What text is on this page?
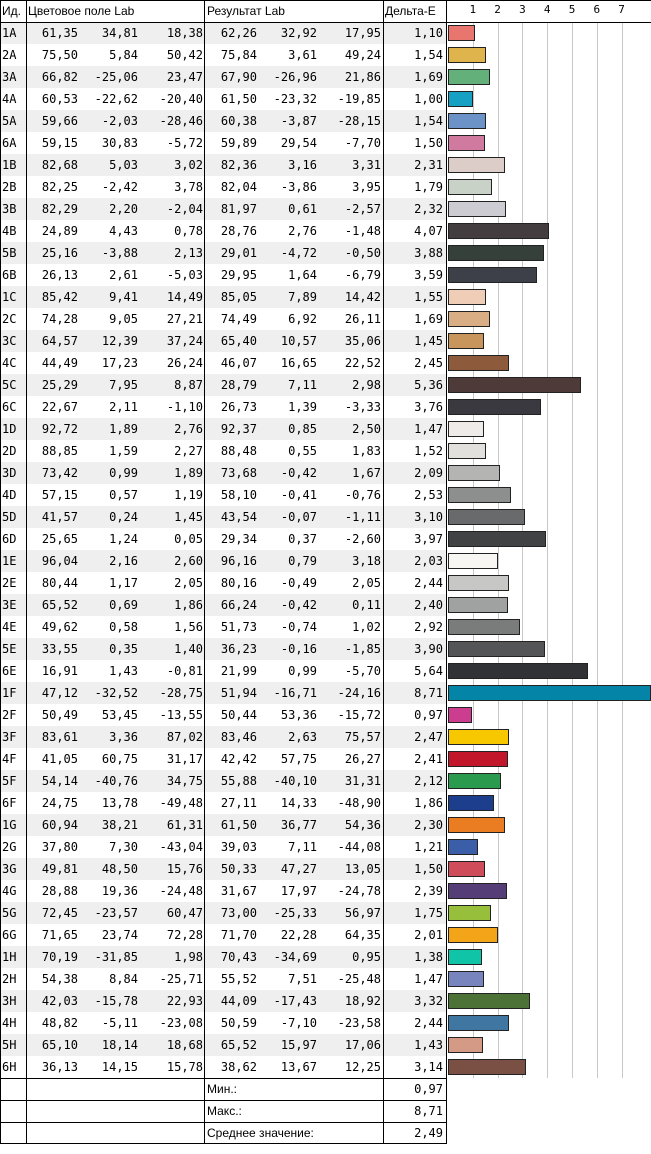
Ид. Цветовое поле Lab	Результат Lab	Дельта-E	1	2	3	4	5	6	7
1A	61,35	34,81	18,38	62,26	32,92	17,95	1,10
2A	75,50	5,84	50,42	75,84	3,61	49,24	1,54
3A	66,82	-25,06	23,47	67,90	-26,96	21,86	1,69
4A	60,53	-22,62	-20,40	61,50	-23,32	-19,85	1,00
5A	59,66	-2,03	-28,46	60,38	-3,87	-28,15	1,54
6A	59,15	30,83	-5,72	59,89	29,54	-7,70	1,50
1B	82,68	5,03	3,02	82,36	3,16	3,31	2,31
2B	82,25	-2,42	3,78	82,04	-3,86	3,95	1,79
3B	82,29	2,20	-2,04	81,97	0,61	-2,57	2,32
4B	24,89	4,43	0,78	28,76	2,76	-1,48	4,07
5B	25,16	-3,88	2,13	29,01	-4,72	-0,50	3,88
6B	26,13	2,61	-5,03	29,95	1,64	-6,79	3,59
1C	85,42	9,41	14,49	85,05	7,89	14,42	1,55
2C	74,28	9,05	27,21	74,49	6,92	26,11	1,69
3C	64,57	12,39	37,24	65,40	10,57	35,06	1,45
4C	44,49	17,23	26,24	46,07	16,65	22,52	2,45
5C	25,29	7,95	8,87	28,79	7,11	2,98	5,36
6C	22,67	2,11	-1,10	26,73	1,39	-3,33	3,76
1D	92,72	1,89	2,76	92,37	0,85	2,50	1,47
2D	88,85	1,59	2,27	88,48	0,55	1,83	1,52
3D	73,42	0,99	1,89	73,68	-0,42	1,67	2,09
4D	57,15	0,57	1,19	58,10	-0,41	-0,76	2,53
5D	41,57	0,24	1,45	43,54	-0,07	-1,11	3,10
6D	25,65	1,24	0,05	29,34	0,37	-2,60	3,97
1E	96,04	2,16	2,60	96,16	0,79	3,18	2,03
2E	80,44	1,17	2,05	80,16	-0,49	2,05	2,44
3E	65,52	0,69	1,86	66,24	-0,42	0,11	2,40
4E	49,62	0,58	1,56	51,73	-0,74	1,02	2,92
5E	33,55	0,35	1,40	36,23	-0,16	-1,85	3,90
6E	16,91	1,43	-0,81	21,99	0,99	-5,70	5,64
1F	47,12	-32,52	-28,75	51,94	-16,71	-24,16	8,71
2F	50,49	53,45	-13,55	50,44	53,36	-15,72	0,97
3F	83,61	3,36	87,02	83,46	2,63	75,57	2,47
4F	41,05	60,75	31,17	42,42	57,75	26,27	2,41
5F	54,14	-40,76	34,75	55,88	-40,10	31,31	2,12
6F	24,75	13,78	-49,48	27,11	14,33	-48,90	1,86
1G	60,94	38,21	61,31	61,50	36,77	54,36	2,30
2G	37,80	7,30	-43,04	39,03	7,11	-44,08	1,21
3G	49,81	48,50	15,76	50,33	47,27	13,05	1,50
4G	28,88	19,36	-24,48	31,67	17,97	-24,78	2,39
5G	72,45	-23,57	60,47	73,00	-25,33	56,97	1,75
6G	71,65	23,74	72,28	71,70	22,28	64,35	2,01
1H	70,19	-31,85	1,98	70,43	-34,69	0,95	1,38
2H	54,38	8,84	-25,71	55,52	7,51	-25,48	1,47
3H	42,03	-15,78	22,93	44,09	-17,43	18,92	3,32
4H	48,82	-5,11	-23,08	50,59	-7,10	-23,58	2,44
5H	65,10	18,14	18,68	65,52	15,97	17,06	1,43
6H	36,13	14,15	15,78	38,62	13,67	12,25	3,14
Мин.:	0,97
Макс.:	8,71
Среднее значение:	2,49
